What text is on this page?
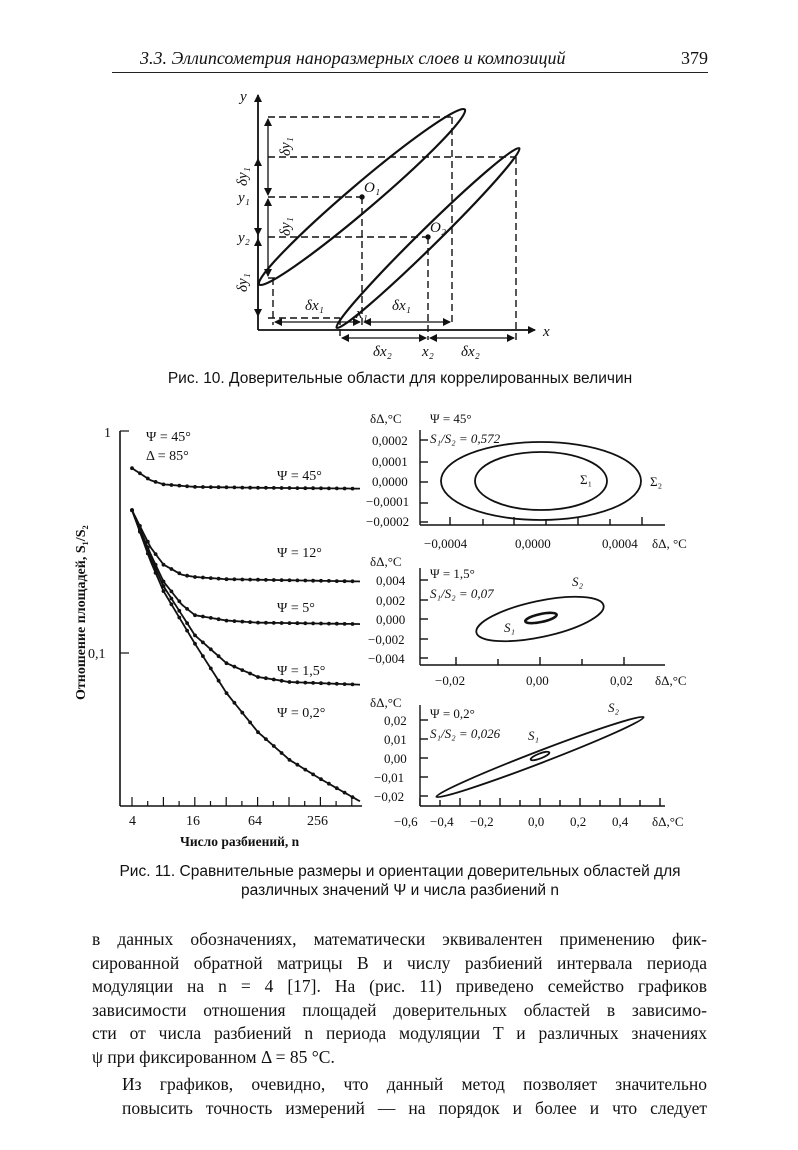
3.3. Эллипсометрия наноразмерных слоев и композиций	379
y
x
O₁
O₂
y₁
y₂
x₁
x₂
δy₁
δy₁
δy₁
δy₁
δx₁	δx₁
δx₂	δx₂
Рис. 10. Доверительные области для коррелированных величин
1
0,1
4	16	64	256
Число разбиений, n
Отношение площадей, S₁/S₂
Ψ = 45°
Δ = 85°
Ψ = 45°
Ψ = 12°
Ψ = 5°
Ψ = 1,5°
Ψ = 0,2°
δΔ,°C Ψ = 45°
S₁/S₂ = 0,572
0,0002
0,0001
0,0000
−0,0001
−0,0002
−0,0004	0,0000	0,0004 δΔ, °C
Σ₁	Σ₂
δΔ,°C
Ψ = 1,5°
S₁/S₂ = 0,07
0,004
0,002
0,000
−0,002
−0,004
−0,02	0,00	0,02 δΔ,°C
S₂
S₁
δΔ,°C
Ψ = 0,2°
S₁/S₂ = 0,026
0,02
0,01
0,00
−0,01
−0,02
−0,6 −0,4 −0,2	0,0 0,2 0,4 δΔ,°C
S₂
S₁
Рис. 11. Сравнительные размеры и ориентации доверительных областей для
различных значений Ψ и числа разбиений n

в данных обозначениях, математически эквивалентен применению фик-
сированной обратной матрицы B и числу разбиений интервала периода
модуляции на n = 4 [17]. На (рис. 11) приведено семейство графиков
зависимости отношения площадей доверительных областей в зависимо-
сти от числа разбиений n периода модуляции T и различных значениях
ψ при фиксированном Δ = 85 °C.

Из графиков, очевидно, что данный метод позволяет значительно
повысить точность измерений — на порядок и более и что следует
